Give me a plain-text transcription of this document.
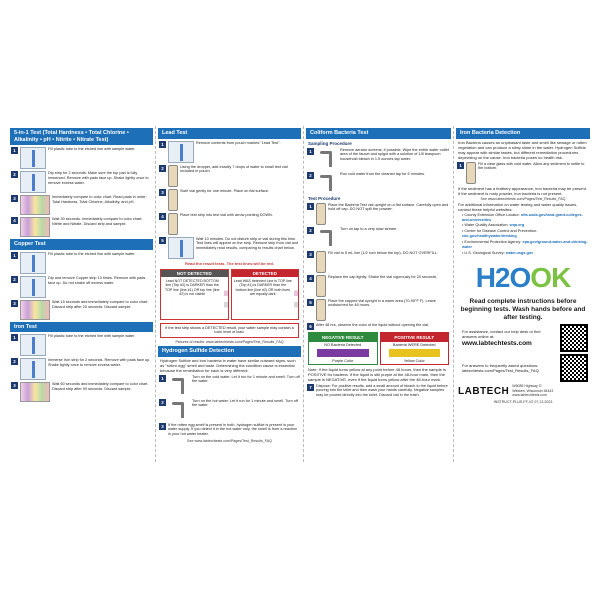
5-in-1 Test (Total Hardness • Total Chlorine • Alkalinity • pH • Nitrite • Nitrate Test)
1	Fill plastic tube to the etched line with sample water.
2	Dip strip for 2 seconds. Make sure the top pad is fully immersed. Remove with pads face up. Shake lightly once to remove excess water.
3	Immediately compare to color chart. Read pads in order: Total Hardness, Total Chlorine, Alkalinity, and pH.
4	Wait 30 seconds. Immediately compare to color chart. Nitrite and Nitrate. Discard strip and sample.
Copper Test
1	Fill plastic tube to the etched line with sample water.
2	Dip and remove Copper strip 10 times. Remove with pads face up. Do not shake off excess water.
3	Wait 15 seconds and immediately compare to color chart. Discard strip after 20 seconds. Discard sample.
Iron Test
1	Fill plastic tube to the etched line with sample water.
2	Immerse Iron strip for 2 seconds. Remove with pads face up. Shake lightly once to remove excess water.
3	Wait 60 seconds and immediately compare to color chart. Discard strip after 90 seconds. Discard sample.
Lead Test
1	Remove contents from pouch marked "Lead Test".
2	Using the dropper, add exactly 7 drops of water to small test vial included in pouch.
3	Swirl vial gently for one minute. Place on flat surface.
4	Place test strip into test vial with arrow pointing DOWN.
5	Wait 10 minutes. Do not disturb strip or vial during this time. Test lines will appear on the strip. Remove strip from vial and immediately read results, comparing to results chart below.
Read the result tests. The test lines will be red.
NOT DETECTED
Lead NOT DETECTED BOTTOM line (Top #2) is DARKER than the TOP line (line #1) OR top line (line #2) is not visible
DETECTED
Lead WAS detected Line is TOP line (Top #1) is DARKER than the bottom line (line #2) OR both lines are equally dark
If the test strip shows a DETECTED result, your water sample may contain a toxic level of lead.
Pictures of results: www.labtechtests.com/Pages/Test_Results_FAQ
Hydrogen Sulfide Detection
Hydrogen Sulfide and iron bacteria in water have similar outward signs, such as "rotten egg" smell and taste. Determining the condition cause is essential because the remediation for each is very different.
1	Turn on the cold water. Let it run for 1 minute and smell. Turn off the water.
2	Turn on the hot water. Let it run for 1 minute and smell. Turn off the water.
3	If the rotten egg smell is present in both, hydrogen sulfide is present in your water supply. If you detect it in the hot water only, the smell is from a reaction in your hot water heater.
See www.labtechtests.com/Pages/Test_Results_FAQ
Coliform Bacteria Test
Sampling Procedure
1	Remove aerator screens, if possible. Wipe the entire water outlet area of the faucet and spigot with a solution of 1/8 teaspoon household bleach in 1.5 ounces tap water.
2	Run cold water from the cleaned tap for 5 minutes.
Test Procedure
1	Place the Bacteria Test vial upright on a flat surface. Carefully open and hold off cap. DO NOT spill the powder.
2	Turn on tap to a very slow stream.
3	Fill vial to 5 mL line (1/2 inch below the top). DO NOT OVERFILL.
4	Replace the cap tightly. Shake the vial vigorously for 20 seconds.
5	Place the capped vial upright in a warm area (70-95°F F). Leave undisturbed for 48 hours.
6	After 48 hrs, observe the color of the liquid without opening the vial.
NEGATIVE RESULT
NO Bacteria Detected
Purple Color
POSITIVE RESULT
Bacteria WERE Detected
Yellow Color
Note: If the liquid turns yellow at any point before 48 hours, then the sample is POSITIVE for bacteria. If the liquid is still purple at the 48-hour mark, then the sample is NEGATIVE, even if the liquid turns yellow after the 48-hour mark.
7	Dispose: For positive results, add a small amount of bleach to the liquid before pouring into the toilet and then wash your hands carefully. Negative samples may be poured directly into the toilet. Discard vial in the trash.
Iron Bacteria Detection
Iron Bacteria causes an unpleasant taste and smell like sewage or rotten vegetation and can produce a slimy slime in the water. Hydrogen Sulfide may appear with similar tastes, but different remediation procedures depending on the cause. Iron bacteria poses no health risk.
1	Fill a clear glass with cold water. Allow any sediment to settle to the bottom.
If the sediment has a feathery appearance, iron bacteria may be present. If the sediment is rusty powder, iron bacteria is not present.
See www.labtechtests.com/Pages/Test_Results_FAQ
For additional information on water testing and water quality issues, contact these helpful websites:
• County Extension Office Locator: nifa.usda.gov/land-grant-colleges-and-universities
• Water Quality Association: wqa.org
• Center for Disease Control and Prevention: cdc.gov/healthywater/drinking
• Environmental Protection Agency: epa.gov/ground-water-and-drinking-water
• U.S. Geological Survey: water.usgs.gov
H2OOK
Read complete instructions before beginning tests. Wash hands before and after testing.
For assistance, contact our help desk or find answers online at:
www.labtechtests.com
For answers to frequently asked questions: labtechtests.com/Pages/Test_Results_FAQ
LABTECH W6085 Highway O
Witsken, Wisconsin 54443
www.labtechtests.com
INSTRUCT-PLUS-FF-V2 07.13.2023
